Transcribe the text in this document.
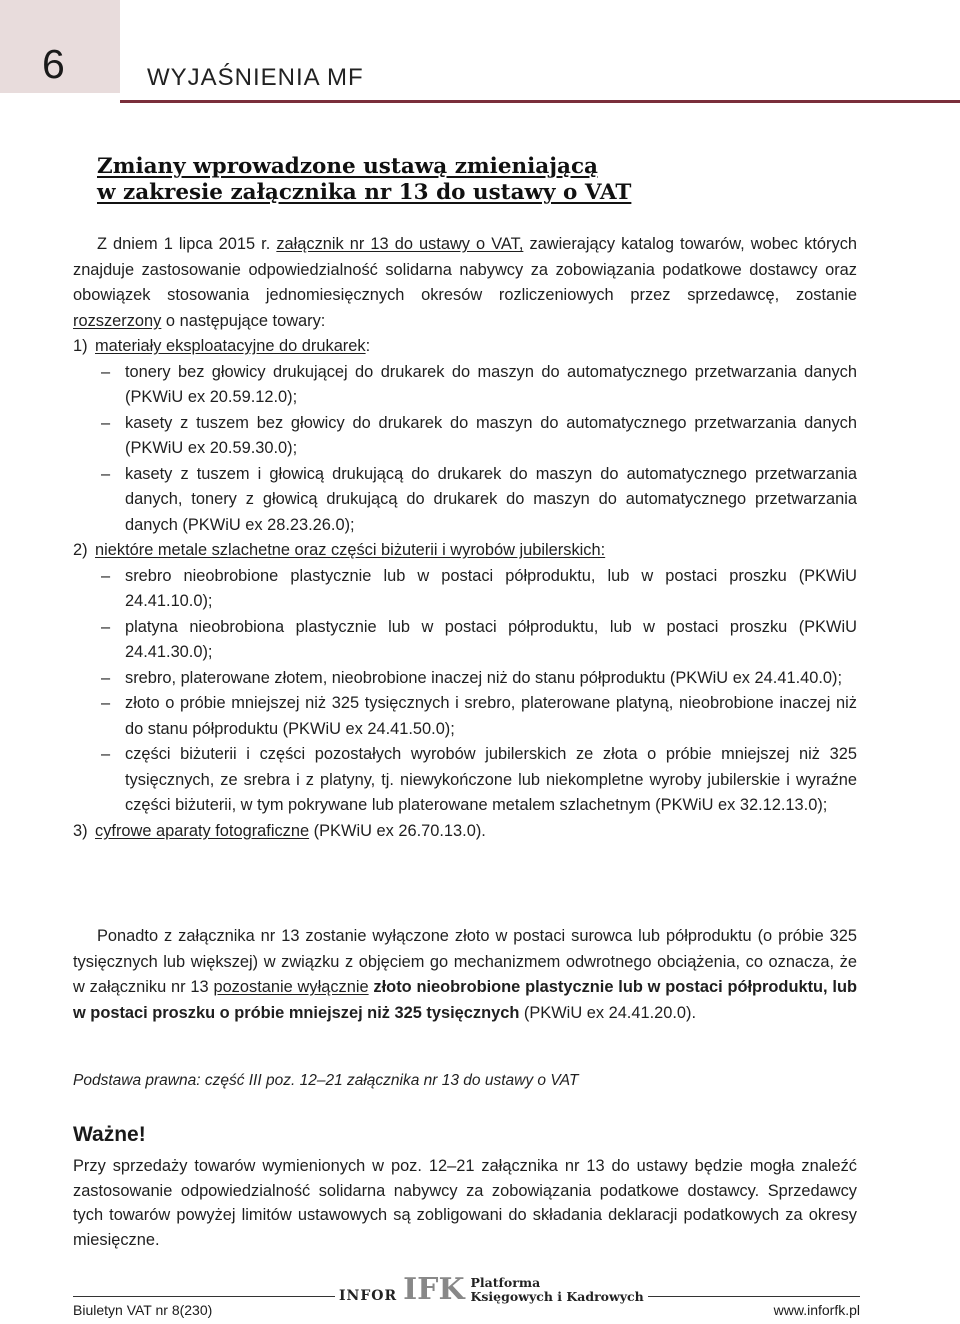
6	WYJAŚNIENIA MF
Zmiany wprowadzone ustawą zmieniającą
w zakresie załącznika nr 13 do ustawy o VAT
Z dniem 1 lipca 2015 r. załącznik nr 13 do ustawy o VAT, zawierający katalog towarów, wobec których znajduje zastosowanie odpowiedzialność solidarna nabywcy za zobowiązania podatkowe dostawcy oraz obowiązek stosowania jednomiesięcznych okresów rozliczeniowych przez sprzedawcę, zostanie rozszerzony o następujące towary:
1) materiały eksploatacyjne do drukarek:
– tonery bez głowicy drukującej do drukarek do maszyn do automatycznego przetwarzania danych (PKWiU ex 20.59.12.0);
– kasety z tuszem bez głowicy do drukarek do maszyn do automatycznego przetwarzania danych (PKWiU ex 20.59.30.0);
– kasety z tuszem i głowicą drukującą do drukarek do maszyn do automatycznego przetwarzania danych, tonery z głowicą drukującą do drukarek do maszyn do automatycznego przetwarzania danych (PKWiU ex 28.23.26.0);
2) niektóre metale szlachetne oraz części biżuterii i wyrobów jubilerskich:
– srebro nieobrobione plastycznie lub w postaci półproduktu, lub w postaci proszku (PKWiU 24.41.10.0);
– platyna nieobrobiona plastycznie lub w postaci półproduktu, lub w postaci proszku (PKWiU 24.41.30.0);
– srebro, platerowane złotem, nieobrobione inaczej niż do stanu półproduktu (PKWiU ex 24.41.40.0);
– złoto o próbie mniejszej niż 325 tysięcznych i srebro, platerowane platyną, nieobrobione inaczej niż do stanu półproduktu (PKWiU ex 24.41.50.0);
– części biżuterii i części pozostałych wyrobów jubilerskich ze złota o próbie mniejszej niż 325 tysięcznych, ze srebra i z platyny, tj. niewykończone lub niekompletne wyroby jubilerskie i wyraźne części biżuterii, w tym pokrywane lub platerowane metalem szlachetnym (PKWiU ex 32.12.13.0);
3) cyfrowe aparaty fotograficzne (PKWiU ex 26.70.13.0).
Ponadto z załącznika nr 13 zostanie wyłączone złoto w postaci surowca lub półproduktu (o próbie 325 tysięcznych lub większej) w związku z objęciem go mechanizmem odwrotnego obciążenia, co oznacza, że w załączniku nr 13 pozostanie wyłącznie złoto nieobrobione plastycznie lub w postaci półproduktu, lub w postaci proszku o próbie mniejszej niż 325 tysięcznych (PKWiU ex 24.41.20.0).
Podstawa prawna: część III poz. 12–21 załącznika nr 13 do ustawy o VAT
Ważne!
Przy sprzedaży towarów wymienionych w poz. 12–21 załącznika nr 13 do ustawy będzie mogła znaleźć zastosowanie odpowiedzialność solidarna nabywcy za zobowiązania podatkowe dostawcy. Sprzedawcy tych towarów powyżej limitów ustawowych są zobligowani do składania deklaracji podatkowych za okresy miesięczne.
INFOR IFK Platforma
Księgowych i Kadrowych
Biuletyn VAT nr 8(230)	www.inforfk.pl
